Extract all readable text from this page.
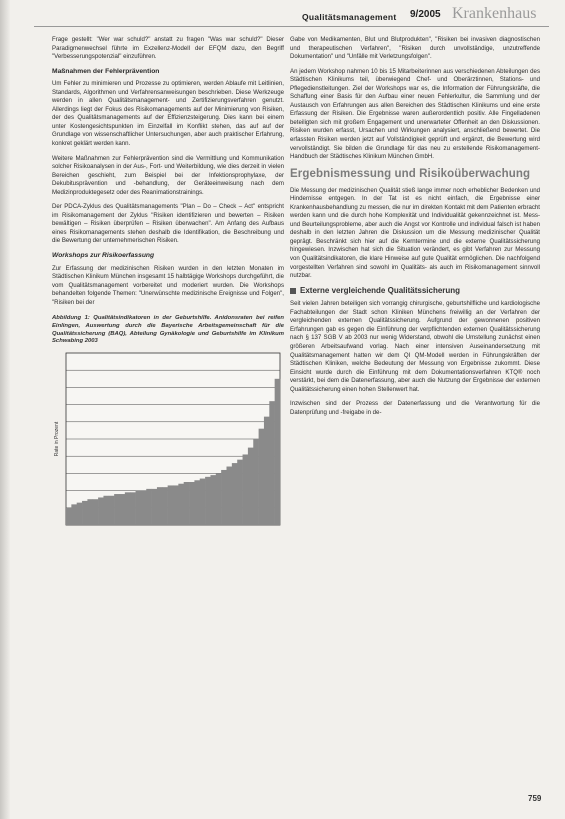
Qualitätsmanagement 9/2005 Krankenhaus

Frage gestellt: "Wer war schuld?" anstatt zu fragen "Was war schuld?" Dieser Paradigmenwechsel führte im Exzellenz-Modell der EFQM dazu, den Begriff "Verbesserungspotenzial" einzuführen.

Maßnahmen der Fehlerprävention

Um Fehler zu minimieren und Prozesse zu optimieren, werden Ablaufe mit Leitlinien, Standards, Algorithmen und Verfahrensanweisungen beschrieben. Diese Werkzeuge werden in allen Qualitätsmanagement- und Zertifizierungsverfahren genutzt. Allerdings liegt der Fokus des Risikomanagements auf der Minimierung von Risiken, der des Qualitätsmanagements auf der Effizienzsteigerung. Dies kann bei einem unter Kostengesichtspunkten im Einzelfall im Konflikt stehen, das auf auf der Grundlage von wissenschaftlicher Untersuchungen, aber auch praktischer Erfahrung, konkret geklärt werden kann.

Weitere Maßnahmen zur Fehlerprävention sind die Vermittlung und Kommunikation solcher Risikoanalysen in der Aus-, Fort- und Weiterbildung, wie dies derzeit in vielen Bereichen geschieht, zum Beispiel bei der Infektionsprophylaxe, der Dekubitusprävention und -behandlung, der Geräteeinweisung nach dem Medizinproduktegesetz oder des Reanimationstrainings.

Der PDCA-Zyklus des Qualitätsmanagements "Plan – Do – Check – Act" entspricht im Risikomanagement der Zyklus "Risiken identifizieren und bewerten – Risiken bewältigen – Risiken überprüfen – Risiken überwachen". Am Anfang des Aufbaus eines Risikomanagements stehen deshalb die Identifikation, die Beschreibung und die Bewertung der unternehmerischen Risiken.

Workshops zur Risikoerfassung

Zur Erfassung der medizinischen Risiken wurden in den letzten Monaten im Städtischen Klinikum München insgesamt 15 halbtägige Workshops durchgeführt, die vom Qualitätsmanagement vorbereitet und moderiert wurden. Die Workshops behandelten folgende Themen: "Unerwünschte medizinische Ereignisse und Folgen", "Risiken bei der

Abbildung 1: Qualitätsindikatoren in der Geburtshilfe. Anidonsraten bei reifen Einlingen, Auswertung durch die Bayerische Arbeitsgemeinschaft für die Qualitätssicherung (BAQ), Abteilung Gynäkologie und Geburtshilfe im Klinikum Schwabing 2003
Rate in Prozent

Gabe von Medikamenten, Blut und Blutprodukten", "Risiken bei invasiven diagnostischen und therapeutischen Verfahren", "Risiken durch unvollständige, unzutreffende Dokumentation" und "Unfälle mit Verletzungsfolgen".

An jedem Workshop nahmen 10 bis 15 Mitarbeiterinnen aus verschiedenen Abteilungen des Städtischen Klinikums teil, überwiegend Chef- und Oberärztinnen, Stations- und Pflegedienstleitungen. Ziel der Workshops war es, die Information der Führungskräfte, die Schaffung einer Basis für den Aufbau einer neuen Fehlerkultur, die Sammlung und der Austausch von Erfahrungen aus allen Bereichen des Städtischen Klinikums und eine erste Erfassung der Risiken. Die Ergebnisse waren außerordentlich positiv. Alle Fingelladenen beteiligten sich mit großem Engagement und unerwarteter Offenheit an den Diskussionen. Risiken wurden erfasst, Ursachen und Wirkungen analysiert, anschließend bewertet. Die erfassten Risiken werden jetzt auf Vollständigkeit geprüft und ergänzt, die Bewertung wird vervollständigt. Sie bilden die Grundlage für das neu zu erstellende Risikomanagement-Handbuch der Städtisches Klinikum München GmbH.

Ergebnismessung und Risikoüberwachung

Die Messung der medizinischen Qualität stieß lange immer noch erheblicher Bedenken und Hindernisse entgegen. In der Tat ist es nicht einfach, die Ergebnisse einer Krankenhausbehandlung zu messen, die nur im direkten Kontakt mit dem Patienten erbracht werden kann und die durch hohe Komplexität und Individualität gekennzeichnet ist. Mess- und Beurteilungsprobleme, aber auch die Angst vor Kontrolle und individual falsch ist haben deshalb in den letzten Jahren die Diskussion um die Messung medizinischer Qualität geprägt. Beschränkt sich hier auf die Kerntermine und die externe Qualitätssicherung hingewiesen. Inzwischen hat sich die Situation verändert, es gibt Verfahren zur Messung von Qualitätsindikatoren, die klare Hinweise auf gute Qualität ermöglichen. Die nachfolgend vorgestellten Verfahren sind sowohl im Qualitäts- als auch im Risikomanagement sinnvoll nutzbar.

Externe vergleichende Qualitätssicherung

Seit vielen Jahren beteiligen sich vorrangig chirurgische, geburtshilfliche und kardiologische Fachabteilungen der Stadt schon Kliniken Münchens freiwillig an der Verfahren der vergleichenden externen Qualitätssicherung. Aufgrund der gewonnenen positiven Erfahrungen gab es gegen die Einführung der verpflichtenden externen Qualitätssicherung nach § 137 SGB V ab 2003 nur wenig Widerstand, obwohl die Umstellung zunächst einen größeren Arbeitsaufwand vorlag. Nach einer intensiven Auseinandersetzung mit Qualitätsmanagement hatten wir dem QI QM-Modell werden in Führungskräften der Städtischen Kliniken, welche Bedeutung der Messung von Ergebnisse zukommt. Diese Einsicht wurde durch die Einführung mit dem Dokumentationsverfahren KTQ® noch verstärkt, bei dem die Datenerfassung, aber auch die Nutzung der Ergebnisse der externen Qualitätssicherung einen hohen Stellenwert hat.

Inzwischen sind der Prozess der Datenerfassung und die Verantwortung für die Datenprüfung und -freigabe in de-

759
